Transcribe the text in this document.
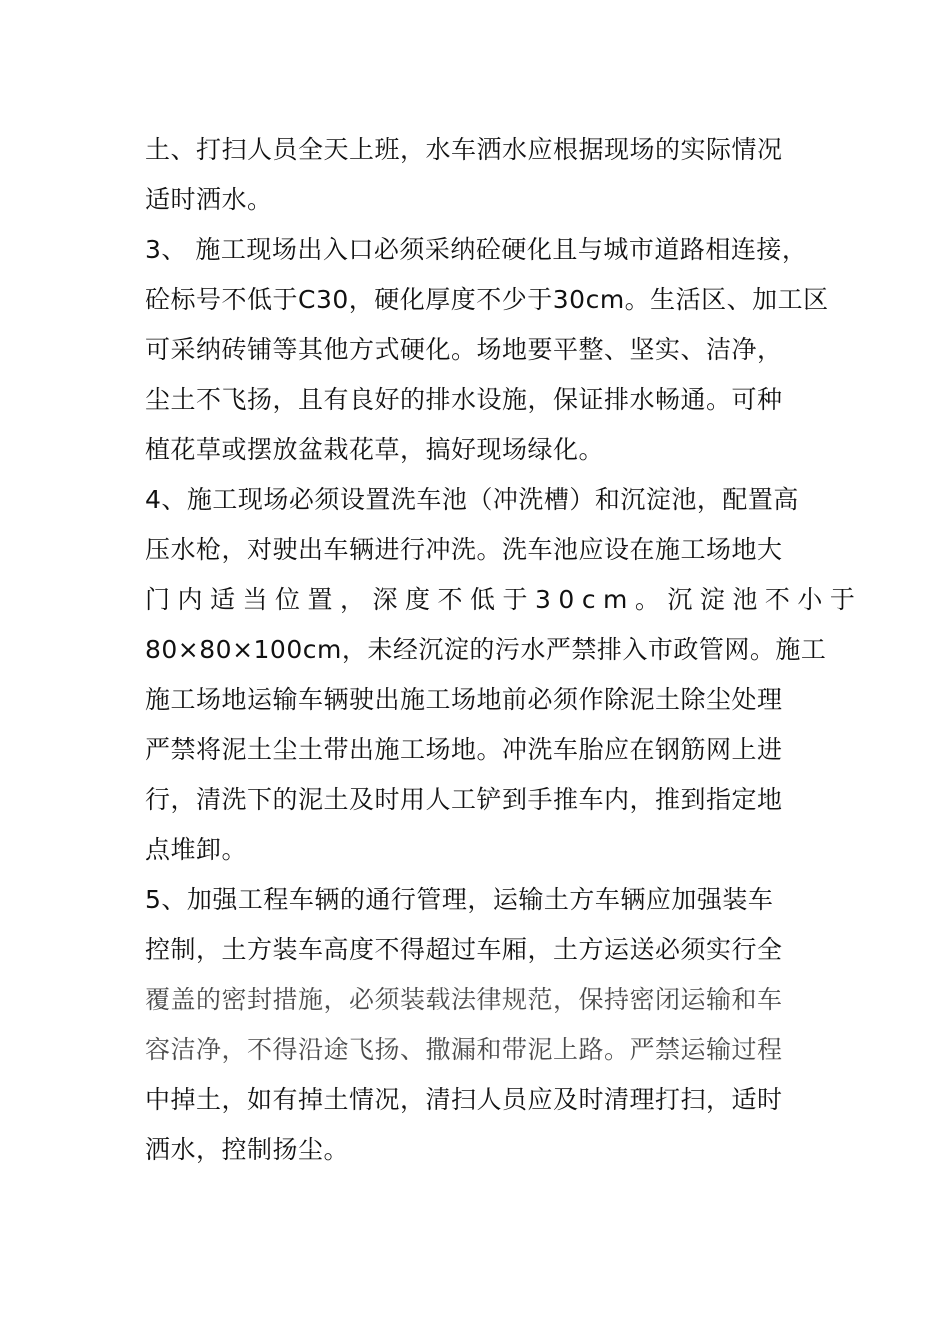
土、打扫人员全天上班，水车洒水应根据现场的实际情况
适时洒水。
3、 施工现场出入口必须采纳砼硬化且与城市道路相连接，
砼标号不低于C30，硬化厚度不少于30cm。生活区、加工区
可采纳砖铺等其他方式硬化。场地要平整、坚实、洁净，
尘土不飞扬，且有良好的排水设施，保证排水畅通。可种
植花草或摆放盆栽花草，搞好现场绿化。
4、施工现场必须设置洗车池（冲洗槽）和沉淀池，配置高
压水枪，对驶出车辆进行冲洗。洗车池应设在施工场地大
门内适当位置，深度不低于30cm。沉淀池不小于
80×80×100cm，未经沉淀的污水严禁排入市政管网。施工
施工场地运输车辆驶出施工场地前必须作除泥土除尘处理
严禁将泥土尘土带出施工场地。冲洗车胎应在钢筋网上进
行，清洗下的泥土及时用人工铲到手推车内，推到指定地
点堆卸。
5、加强工程车辆的通行管理，运输土方车辆应加强装车
控制，土方装车高度不得超过车厢，土方运送必须实行全
覆盖的密封措施，必须装载法律规范，保持密闭运输和车
容洁净，不得沿途飞扬、撒漏和带泥上路。严禁运输过程
中掉土，如有掉土情况，清扫人员应及时清理打扫，适时
洒水，控制扬尘。
